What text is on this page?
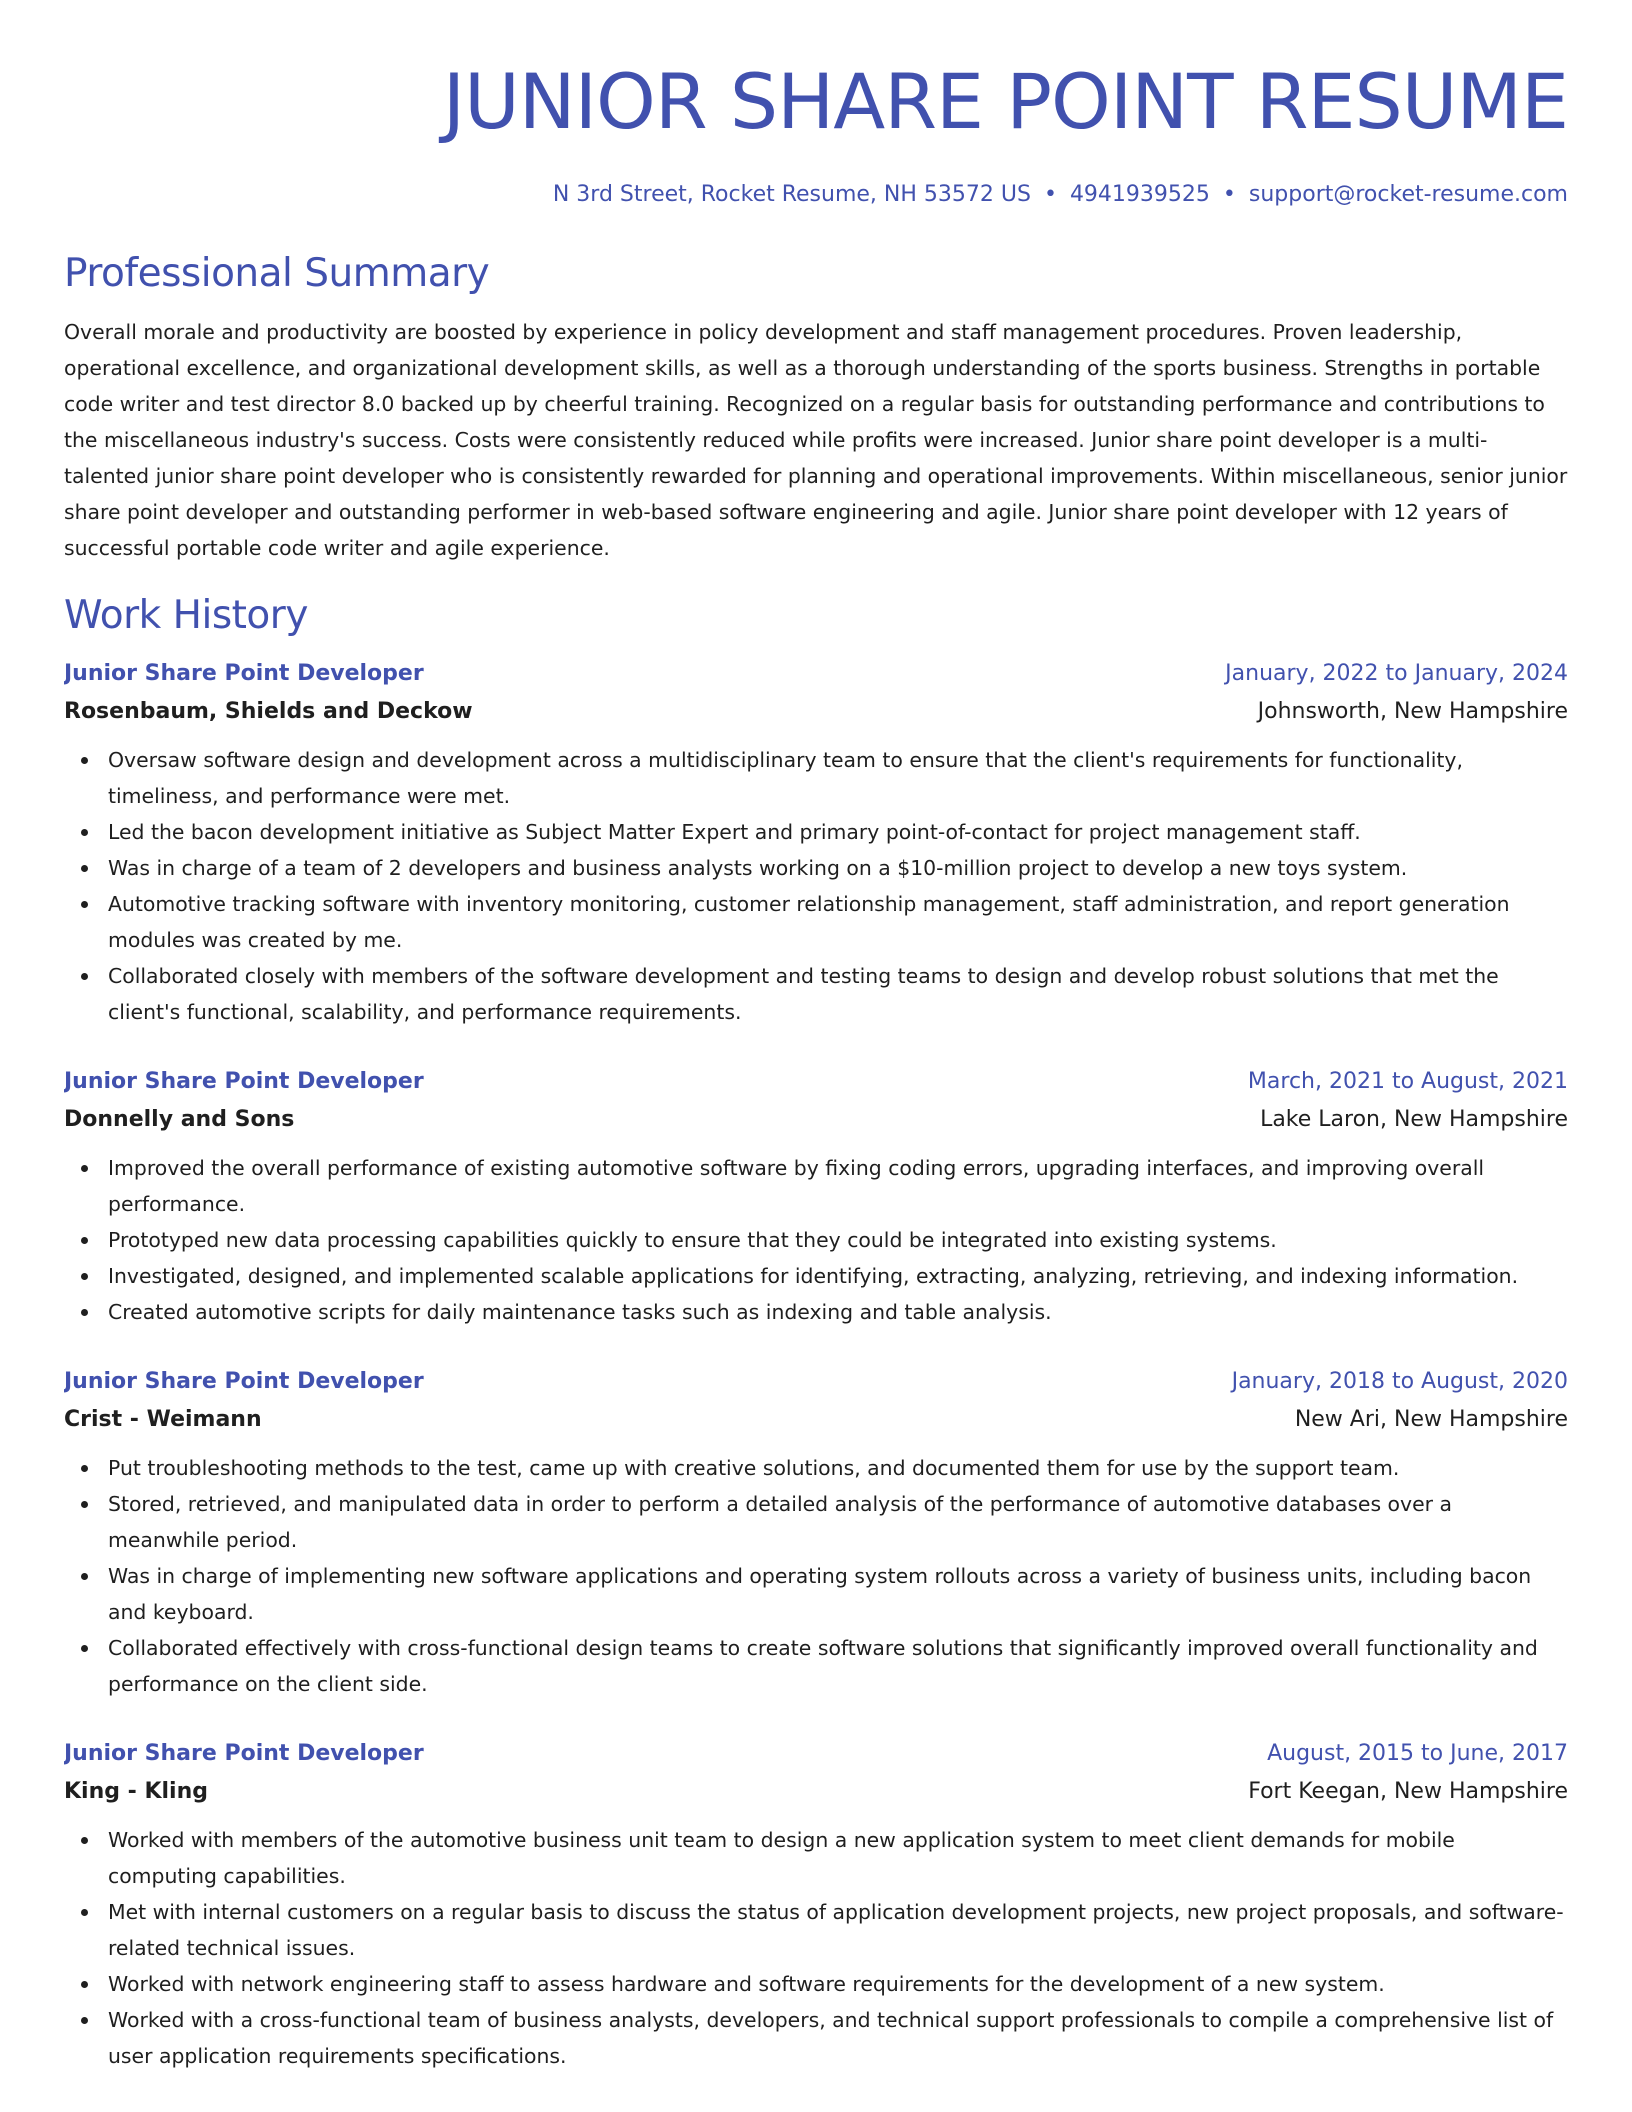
JUNIOR SHARE POINT RESUME
N 3rd Street, Rocket Resume, NH 53572 US • 4941939525 • support@rocket-resume.com
Professional Summary
Overall morale and productivity are boosted by experience in policy development and staff management procedures. Proven leadership, operational excellence, and organizational development skills, as well as a thorough understanding of the sports business. Strengths in portable code writer and test director 8.0 backed up by cheerful training. Recognized on a regular basis for outstanding performance and contributions to the miscellaneous industry's success. Costs were consistently reduced while profits were increased. Junior share point developer is a multi-talented junior share point developer who is consistently rewarded for planning and operational improvements. Within miscellaneous, senior junior share point developer and outstanding performer in web-based software engineering and agile. Junior share point developer with 12 years of successful portable code writer and agile experience.
Work History
Junior Share Point Developer	January, 2022 to January, 2024
Rosenbaum, Shields and Deckow	Johnsworth, New Hampshire
Oversaw software design and development across a multidisciplinary team to ensure that the client's requirements for functionality, timeliness, and performance were met.
Led the bacon development initiative as Subject Matter Expert and primary point-of-contact for project management staff.
Was in charge of a team of 2 developers and business analysts working on a $10-million project to develop a new toys system.
Automotive tracking software with inventory monitoring, customer relationship management, staff administration, and report generation modules was created by me.
Collaborated closely with members of the software development and testing teams to design and develop robust solutions that met the client's functional, scalability, and performance requirements.
Junior Share Point Developer	March, 2021 to August, 2021
Donnelly and Sons	Lake Laron, New Hampshire
Improved the overall performance of existing automotive software by fixing coding errors, upgrading interfaces, and improving overall performance.
Prototyped new data processing capabilities quickly to ensure that they could be integrated into existing systems.
Investigated, designed, and implemented scalable applications for identifying, extracting, analyzing, retrieving, and indexing information.
Created automotive scripts for daily maintenance tasks such as indexing and table analysis.
Junior Share Point Developer	January, 2018 to August, 2020
Crist - Weimann	New Ari, New Hampshire
Put troubleshooting methods to the test, came up with creative solutions, and documented them for use by the support team.
Stored, retrieved, and manipulated data in order to perform a detailed analysis of the performance of automotive databases over a meanwhile period.
Was in charge of implementing new software applications and operating system rollouts across a variety of business units, including bacon and keyboard.
Collaborated effectively with cross-functional design teams to create software solutions that significantly improved overall functionality and performance on the client side.
Junior Share Point Developer	August, 2015 to June, 2017
King - Kling	Fort Keegan, New Hampshire
Worked with members of the automotive business unit team to design a new application system to meet client demands for mobile computing capabilities.
Met with internal customers on a regular basis to discuss the status of application development projects, new project proposals, and software-related technical issues.
Worked with network engineering staff to assess hardware and software requirements for the development of a new system.
Worked with a cross-functional team of business analysts, developers, and technical support professionals to compile a comprehensive list of user application requirements specifications.
